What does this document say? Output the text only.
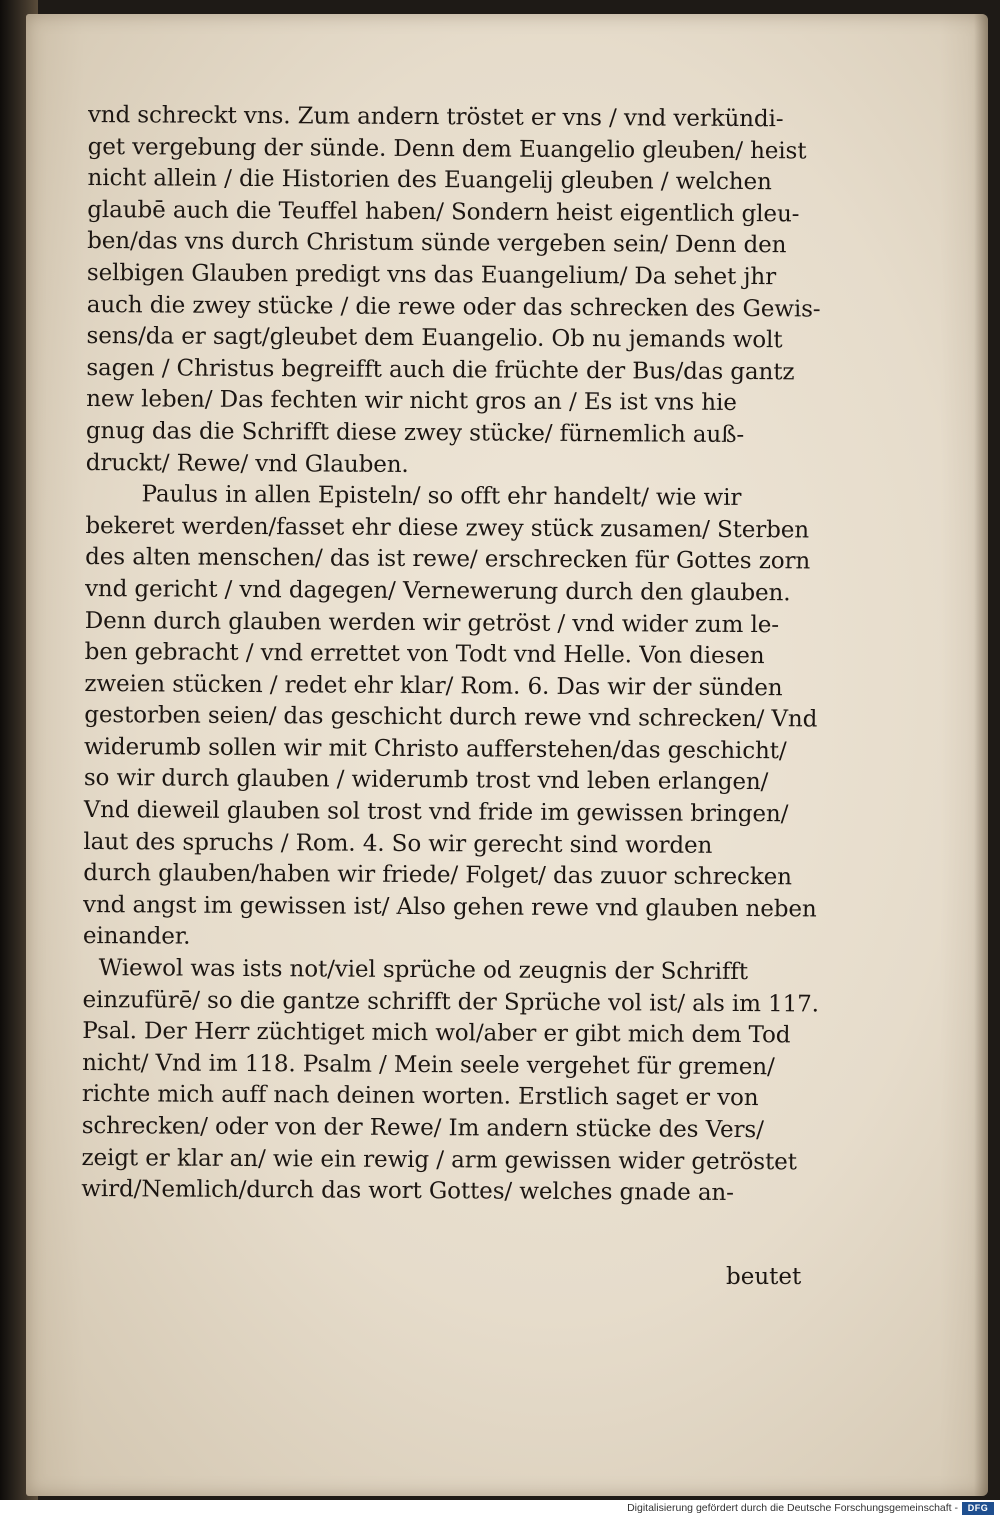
vnd schreckt vns. Zum andern tröstet er vns / vnd verkündi-
get vergebung der sünde. Denn dem Euangelio gleuben/ heist
nicht allein / die Historien des Euangelij gleuben / welchen
glaubē auch die Teuffel haben/ Sondern heist eigentlich gleu-
ben/das vns durch Christum sünde vergeben sein/ Denn den
selbigen Glauben predigt vns das Euangelium/ Da sehet jhr
auch die zwey stücke / die rewe oder das schrecken des Gewis-
sens/da er sagt/gleubet dem Euangelio. Ob nu jemands wolt
sagen / Christus begreifft auch die früchte der Bus/das gantz
new leben/ Das fechten wir nicht gros an / Es ist vns hie
gnug das die Schrifft diese zwey stücke/ fürnemlich auß-
druckt/ Rewe/ vnd Glauben.
Paulus in allen Episteln/ so offt ehr handelt/ wie wir
bekeret werden/fasset ehr diese zwey stück zusamen/ Sterben
des alten menschen/ das ist rewe/ erschrecken für Gottes zorn
vnd gericht / vnd dagegen/ Vernewerung durch den glauben.
Denn durch glauben werden wir getröst / vnd wider zum le-
ben gebracht / vnd errettet von Todt vnd Helle. Von diesen
zweien stücken / redet ehr klar/ Rom. 6. Das wir der sünden
gestorben seien/ das geschicht durch rewe vnd schrecken/ Vnd
widerumb sollen wir mit Christo aufferstehen/das geschicht/
so wir durch glauben / widerumb trost vnd leben erlangen/
Vnd dieweil glauben sol trost vnd fride im gewissen bringen/
laut des spruchs / Rom. 4. So wir gerecht sind worden
durch glauben/haben wir friede/ Folget/ das zuuor schrecken
vnd angst im gewissen ist/ Also gehen rewe vnd glauben neben
einander.
Wiewol was ists not/viel sprüche od zeugnis der Schrifft
einzufürē/ so die gantze schrifft der Sprüche vol ist/ als im 117.
Psal. Der Herr züchtiget mich wol/aber er gibt mich dem Tod
nicht/ Vnd im 118. Psalm / Mein seele vergehet für gremen/
richte mich auff nach deinen worten. Erstlich saget er von
schrecken/ oder von der Rewe/ Im andern stücke des Vers/
zeigt er klar an/ wie ein rewig / arm gewissen wider getröstet
wird/Nemlich/durch das wort Gottes/ welches gnade an-
beutet
Digitalisierung gefördert durch die Deutsche Forschungsgemeinschaft -	DFG
